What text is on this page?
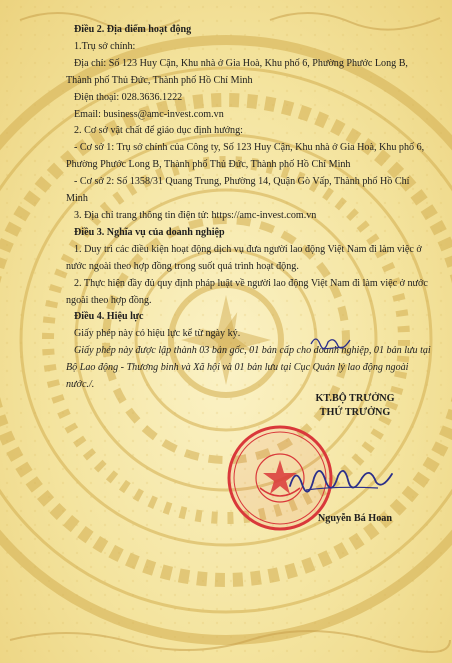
Điều 2. Địa điểm hoạt động

1.Trụ sở chính:

Địa chỉ: Số 123 Huy Cận, Khu nhà ở Gia Hoà, Khu phố 6, Phường Phước Long B, Thành phố Thủ Đức, Thành phố Hồ Chí Minh

Điện thoại: 028.3636.1222

Email: business@amc-invest.com.vn

2. Cơ sở vật chất để giáo dục định hướng:

- Cơ sở 1: Trụ sở chính của Công ty, Số 123 Huy Cận, Khu nhà ở Gia Hoà, Khu phố 6, Phường Phước Long B, Thành phố Thủ Đức, Thành phố Hồ Chí Minh

- Cơ sở 2: Số 1358/31 Quang Trung, Phường 14, Quận Gò Vấp, Thành phố Hồ Chí Minh

3. Địa chỉ trang thông tin điện tử: https://amc-invest.com.vn

Điều 3. Nghĩa vụ của doanh nghiệp

1. Duy trì các điều kiện hoạt động dịch vụ đưa người lao động Việt Nam đi làm việc ở nước ngoài theo hợp đồng trong suốt quá trình hoạt động.

2. Thực hiện đầy đủ quy định pháp luật về người lao động Việt Nam đi làm việc ở nước ngoài theo hợp đồng.

Điều 4. Hiệu lực

Giấy phép này có hiệu lực kể từ ngày ký.

Giấy phép này được lập thành 03 bản gốc, 01 bản cấp cho doanh nghiệp, 01 bản lưu tại Bộ Lao động - Thương binh và Xã hội và 01 bản lưu tại Cục Quản lý lao động ngoài nước./.

KT.BỘ TRƯỞNG
THỨ TRƯỞNG
Nguyễn Bá Hoan
